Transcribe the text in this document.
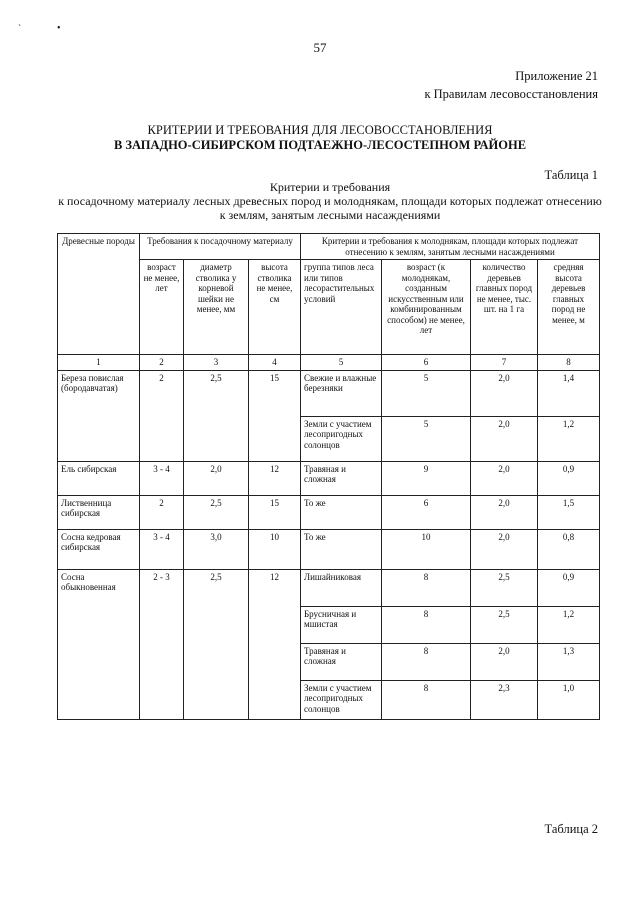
`	•
57
Приложение 21
к Правилам лесовосстановления
КРИТЕРИИ И ТРЕБОВАНИЯ ДЛЯ ЛЕСОВОССТАНОВЛЕНИЯ
В ЗАПАДНО-СИБИРСКОМ ПОДТАЕЖНО-ЛЕСОСТЕПНОМ РАЙОНЕ
Таблица 1
Критерии и требования
к посадочному материалу лесных древесных пород и молоднякам, площади которых подлежат отнесению
к землям, занятым лесными насаждениями
Древесные породы	Требования к посадочному материалу			Критерии и требования к молоднякам, площади которых подлежат отнесению к землям, занятым лесными насаждениями			
	возраст не менее, лет	диаметр стволика у корневой шейки не менее, мм	высота стволика не менее, см	группа типов леса или типов лесорастительных условий	возраст (к молоднякам, созданным искусственным или комбинированным способом) не менее, лет	количество деревьев главных пород не менее, тыс. шт. на 1 га	средняя высота деревьев главных пород не менее, м
1	2	3	4	5	6	7	8
Береза повислая (бородавчатая)	2	2,5	15	Свежие и влажные березняки	5	2,0	1,4
				Земли с участием лесопригодных солонцов	5	2,0	1,2
Ель сибирская	3 - 4	2,0	12	Травяная и сложная	9	2,0	0,9
Лиственница сибирская	2	2,5	15	То же	6	2,0	1,5
Сосна кедровая сибирская	3 - 4	3,0	10	То же	10	2,0	0,8
Сосна обыкновенная	2 - 3	2,5	12	Лишайниковая	8	2,5	0,9
				Брусничная и мшистая	8	2,5	1,2
				Травяная и сложная	8	2,0	1,3
				Земли с участием лесопригодных солонцов	8	2,3	1,0
Таблица 2
